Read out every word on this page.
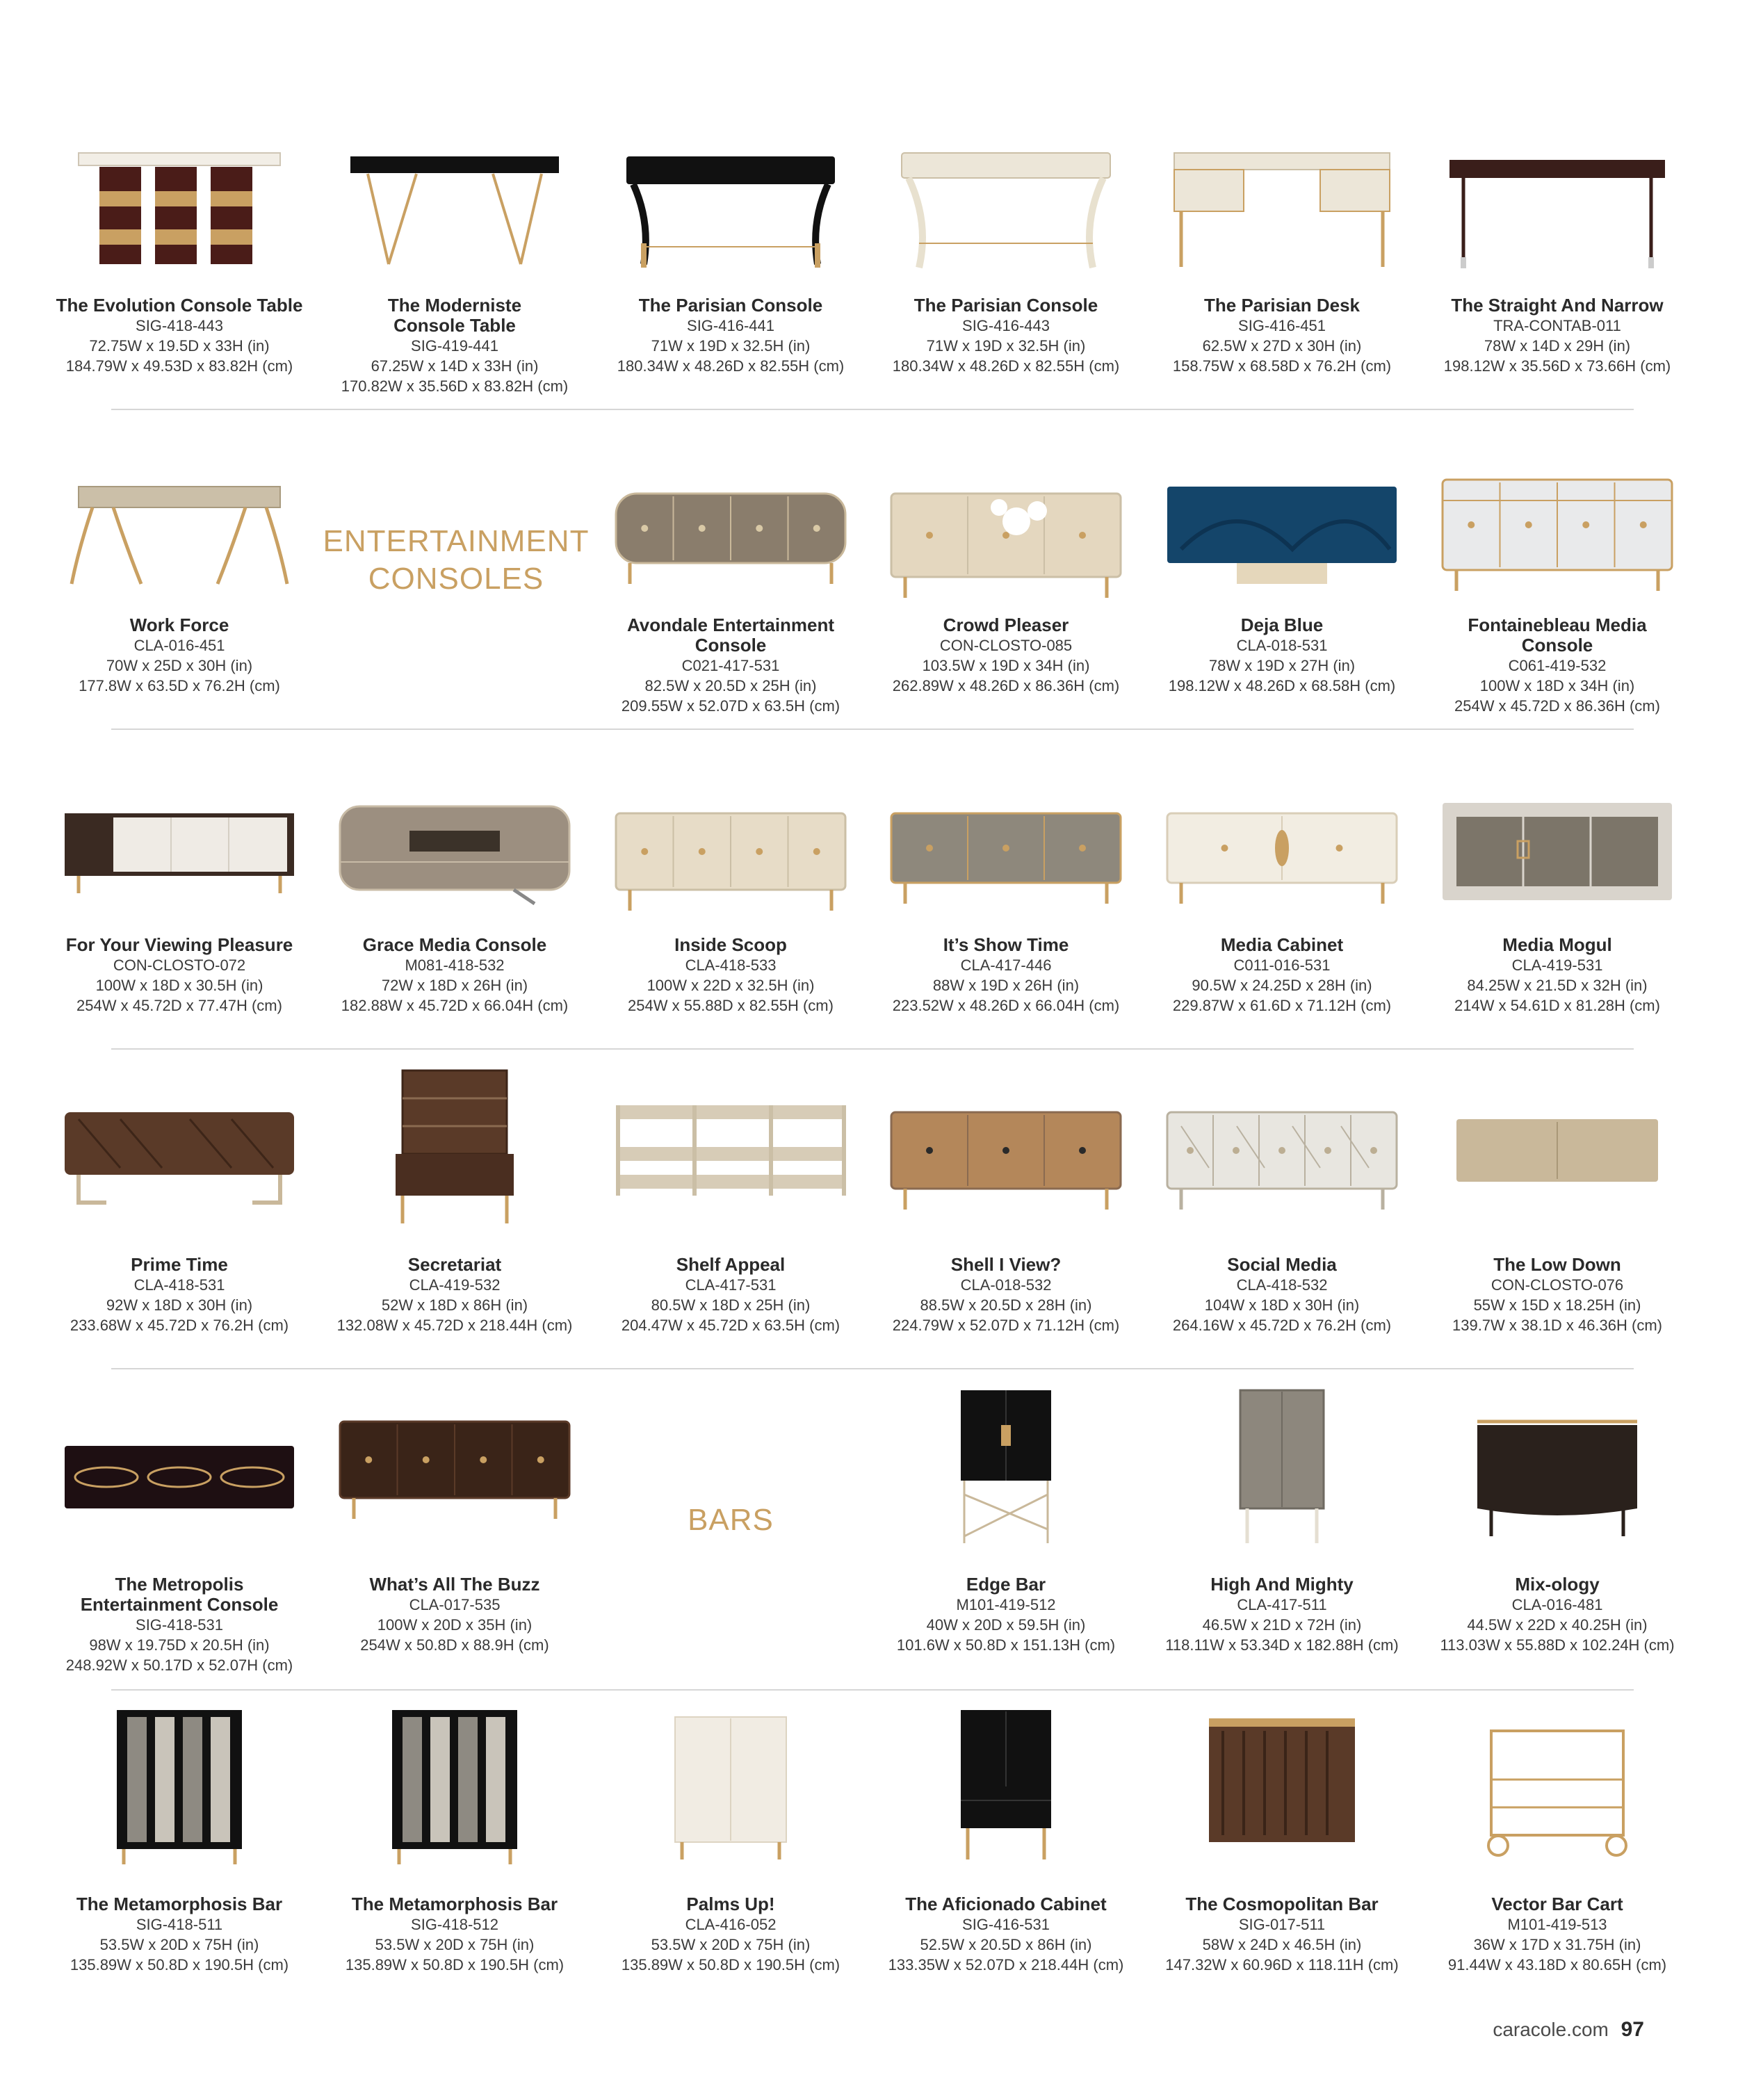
The Evolution Console Table
SIG-418-443
72.75W x 19.5D x 33H (in)
184.79W x 49.53D x 83.82H (cm)
The Moderniste
Console Table
SIG-419-441
67.25W x 14D x 33H (in)
170.82W x 35.56D x 83.82H (cm)
The Parisian Console
SIG-416-441
71W x 19D x 32.5H (in)
180.34W x 48.26D x 82.55H (cm)
The Parisian Console
SIG-416-443
71W x 19D x 32.5H (in)
180.34W x 48.26D x 82.55H (cm)
The Parisian Desk
SIG-416-451
62.5W x 27D x 30H (in)
158.75W x 68.58D x 76.2H (cm)
The Straight And Narrow
TRA-CONTAB-011
78W x 14D x 29H (in)
198.12W x 35.56D x 73.66H (cm)
Work Force
CLA-016-451
70W x 25D x 30H (in)
177.8W x 63.5D x 76.2H (cm)
Avondale Entertainment
Console
C021-417-531
82.5W x 20.5D x 25H (in)
209.55W x 52.07D x 63.5H (cm)
Crowd Pleaser
CON-CLOSTO-085
103.5W x 19D x 34H (in)
262.89W x 48.26D x 86.36H (cm)
Deja Blue
CLA-018-531
78W x 19D x 27H (in)
198.12W x 48.26D x 68.58H (cm)
Fontainebleau Media
Console
C061-419-532
100W x 18D x 34H (in)
254W x 45.72D x 86.36H (cm)
For Your Viewing Pleasure
CON-CLOSTO-072
100W x 18D x 30.5H (in)
254W x 45.72D x 77.47H (cm)
Grace Media Console
M081-418-532
72W x 18D x 26H (in)
182.88W x 45.72D x 66.04H (cm)
Inside Scoop
CLA-418-533
100W x 22D x 32.5H (in)
254W x 55.88D x 82.55H (cm)
It’s Show Time
CLA-417-446
88W x 19D x 26H (in)
223.52W x 48.26D x 66.04H (cm)
Media Cabinet
C011-016-531
90.5W x 24.25D x 28H (in)
229.87W x 61.6D x 71.12H (cm)
Media Mogul
CLA-419-531
84.25W x 21.5D x 32H (in)
214W x 54.61D x 81.28H (cm)
Prime Time
CLA-418-531
92W x 18D x 30H (in)
233.68W x 45.72D x 76.2H (cm)
Secretariat
CLA-419-532
52W x 18D x 86H (in)
132.08W x 45.72D x 218.44H (cm)
Shelf Appeal
CLA-417-531
80.5W x 18D x 25H (in)
204.47W x 45.72D x 63.5H (cm)
Shell I View?
CLA-018-532
88.5W x 20.5D x 28H (in)
224.79W x 52.07D x 71.12H (cm)
Social Media
CLA-418-532
104W x 18D x 30H (in)
264.16W x 45.72D x 76.2H (cm)
The Low Down
CON-CLOSTO-076
55W x 15D x 18.25H (in)
139.7W x 38.1D x 46.36H (cm)
The Metropolis
Entertainment Console
SIG-418-531
98W x 19.75D x 20.5H (in)
248.92W x 50.17D x 52.07H (cm)
What’s All The Buzz
CLA-017-535
100W x 20D x 35H (in)
254W x 50.8D x 88.9H (cm)
Edge Bar
M101-419-512
40W x 20D x 59.5H (in)
101.6W x 50.8D x 151.13H (cm)
High And Mighty
CLA-417-511
46.5W x 21D x 72H (in)
118.11W x 53.34D x 182.88H (cm)
Mix-ology
CLA-016-481
44.5W x 22D x 40.25H (in)
113.03W x 55.88D x 102.24H (cm)
The Metamorphosis Bar
SIG-418-511
53.5W x 20D x 75H (in)
135.89W x 50.8D x 190.5H (cm)
The Metamorphosis Bar
SIG-418-512
53.5W x 20D x 75H (in)
135.89W x 50.8D x 190.5H (cm)
Palms Up!
CLA-416-052
53.5W x 20D x 75H (in)
135.89W x 50.8D x 190.5H (cm)
The Aficionado Cabinet
SIG-416-531
52.5W x 20.5D x 86H (in)
133.35W x 52.07D x 218.44H (cm)
The Cosmopolitan Bar
SIG-017-511
58W x 24D x 46.5H (in)
147.32W x 60.96D x 118.11H (cm)
Vector Bar Cart
M101-419-513
36W x 17D x 31.75H (in)
91.44W x 43.18D x 80.65H (cm)
ENTERTAINMENT
CONSOLES
BARS
caracole.com 97
